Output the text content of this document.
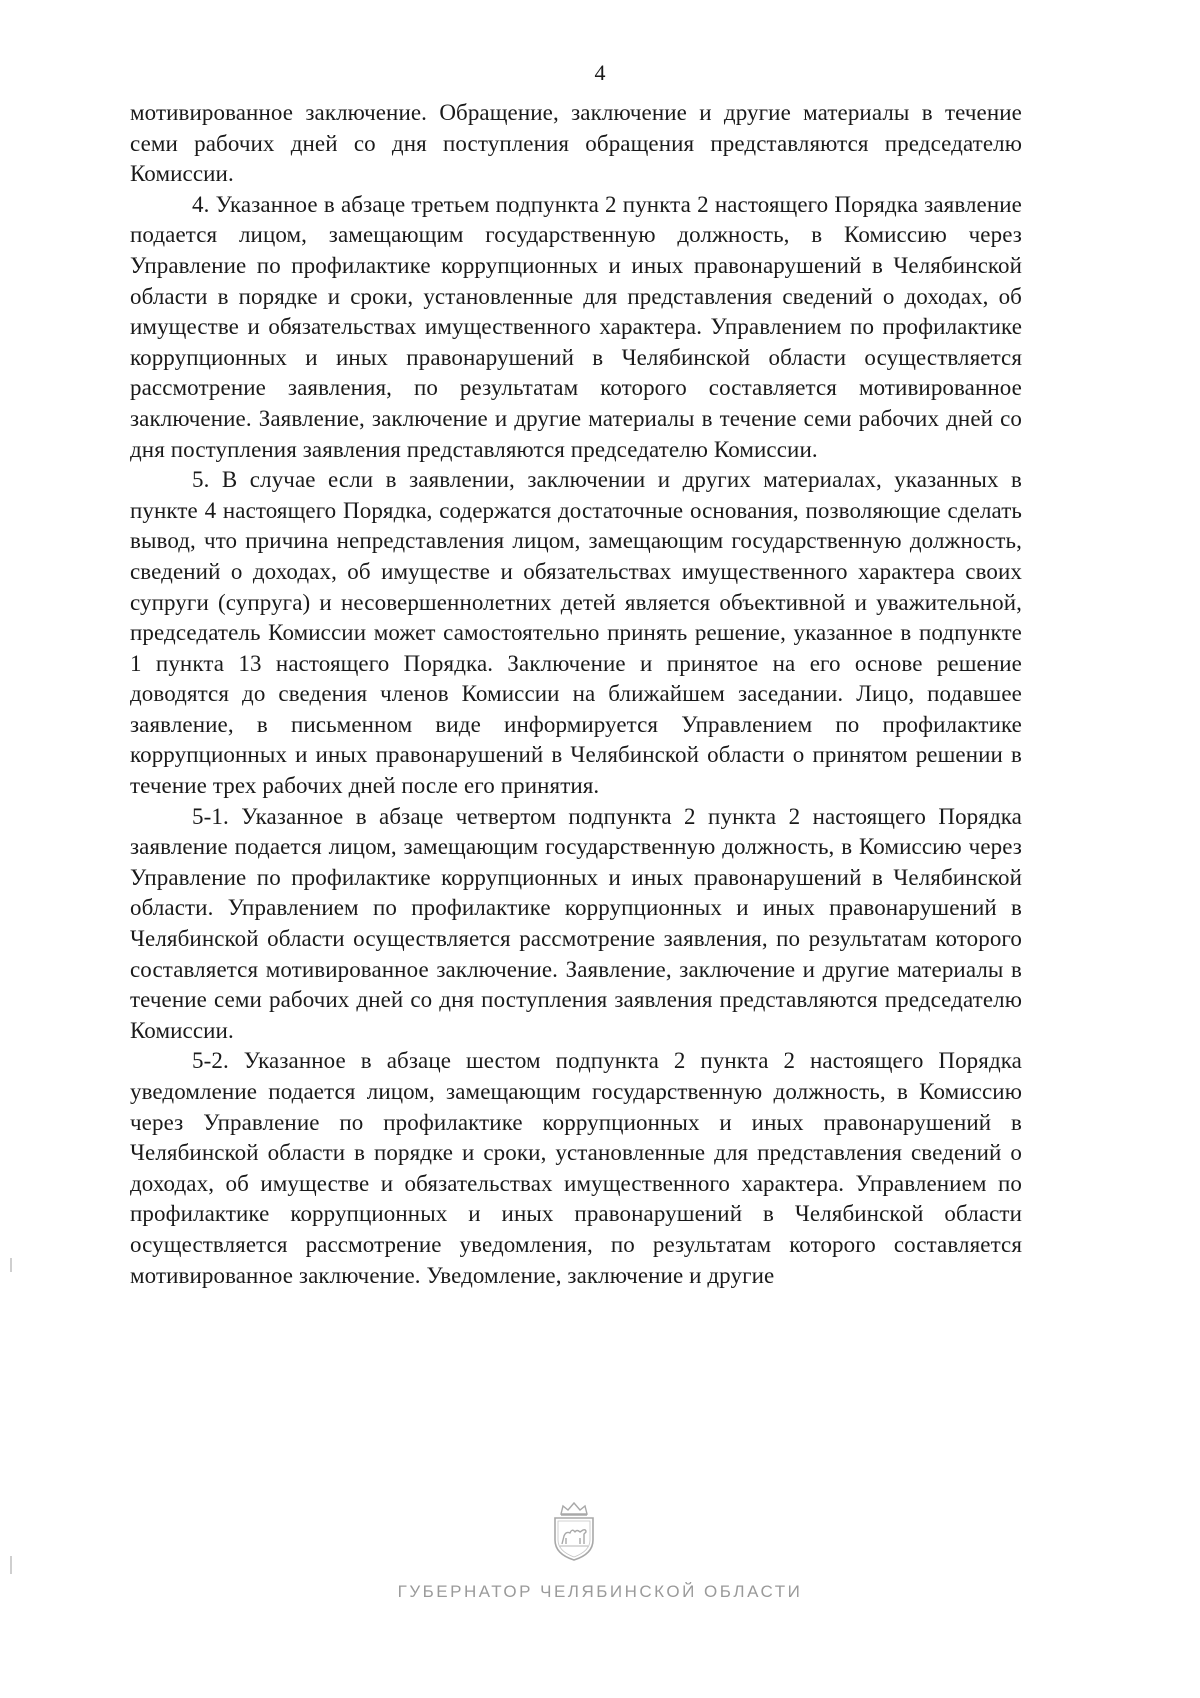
4

мотивированное заключение. Обращение, заключение и другие материалы в течение семи рабочих дней со дня поступления обращения представляются председателю Комиссии.

4. Указанное в абзаце третьем подпункта 2 пункта 2 настоящего Порядка заявление подается лицом, замещающим государственную должность, в Комиссию через Управление по профилактике коррупционных и иных правонарушений в Челябинской области в порядке и сроки, установленные для представления сведений о доходах, об имуществе и обязательствах имущественного характера. Управлением по профилактике коррупционных и иных правонарушений в Челябинской области осуществляется рассмотрение заявления, по результатам которого составляется мотивированное заключение. Заявление, заключение и другие материалы в течение семи рабочих дней со дня поступления заявления представляются председателю Комиссии.

5. В случае если в заявлении, заключении и других материалах, указанных в пункте 4 настоящего Порядка, содержатся достаточные основания, позволяющие сделать вывод, что причина непредставления лицом, замещающим государственную должность, сведений о доходах, об имуществе и обязательствах имущественного характера своих супруги (супруга) и несовершеннолетних детей является объективной и уважительной, председатель Комиссии может самостоятельно принять решение, указанное в подпункте 1 пункта 13 настоящего Порядка. Заключение и принятое на его основе решение доводятся до сведения членов Комиссии на ближайшем заседании. Лицо, подавшее заявление, в письменном виде информируется Управлением по профилактике коррупционных и иных правонарушений в Челябинской области о принятом решении в течение трех рабочих дней после его принятия.

5-1. Указанное в абзаце четвертом подпункта 2 пункта 2 настоящего Порядка заявление подается лицом, замещающим государственную должность, в Комиссию через Управление по профилактике коррупционных и иных правонарушений в Челябинской области. Управлением по профилактике коррупционных и иных правонарушений в Челябинской области осуществляется рассмотрение заявления, по результатам которого составляется мотивированное заключение. Заявление, заключение и другие материалы в течение семи рабочих дней со дня поступления заявления представляются председателю Комиссии.

5-2. Указанное в абзаце шестом подпункта 2 пункта 2 настоящего Порядка уведомление подается лицом, замещающим государственную должность, в Комиссию через Управление по профилактике коррупционных и иных правонарушений в Челябинской области в порядке и сроки, установленные для представления сведений о доходах, об имуществе и обязательствах имущественного характера. Управлением по профилактике коррупционных и иных правонарушений в Челябинской области осуществляется рассмотрение уведомления, по результатам которого составляется мотивированное заключение. Уведомление, заключение и другие

ГУБЕРНАТОР ЧЕЛЯБИНСКОЙ ОБЛАСТИ
